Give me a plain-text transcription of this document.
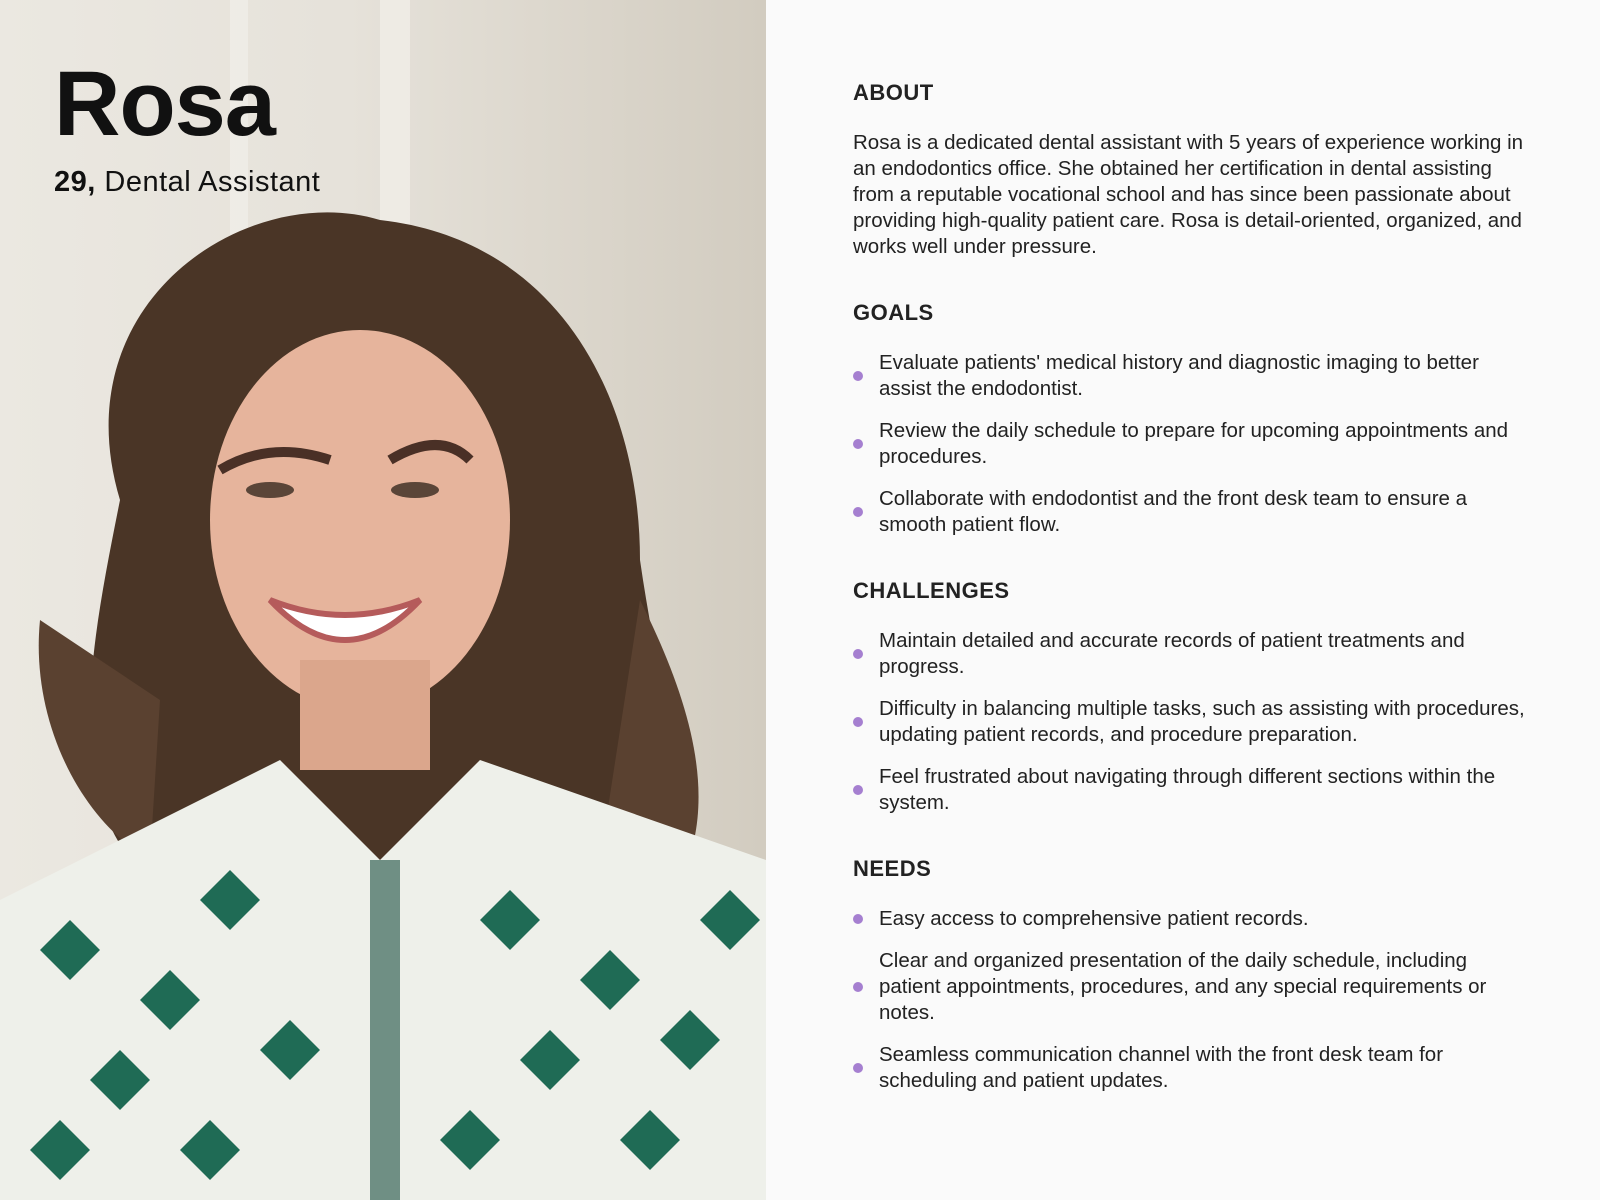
Rosa
29, Dental Assistant
ABOUT

Rosa is a dedicated dental assistant with 5 years of experience working in an endodontics office. She obtained her certification in dental assisting from a reputable vocational school and has since been passionate about providing high-quality patient care. Rosa is detail-oriented, organized, and works well under pressure.

GOALS
Evaluate patients' medical history and diagnostic imaging to better assist the endodontist.
Review the daily schedule to prepare for upcoming appointments and procedures.
Collaborate with endodontist and the front desk team to ensure a smooth patient flow.
CHALLENGES
Maintain detailed and accurate records of patient treatments and progress.
Difficulty in balancing multiple tasks, such as assisting with procedures, updating patient records, and procedure preparation.
Feel frustrated about navigating through different sections within the system.
NEEDS
Easy access to comprehensive patient records.
Clear and organized presentation of the daily schedule, including patient appointments, procedures, and any special requirements or notes.
Seamless communication channel with the front desk team for scheduling and patient updates.
